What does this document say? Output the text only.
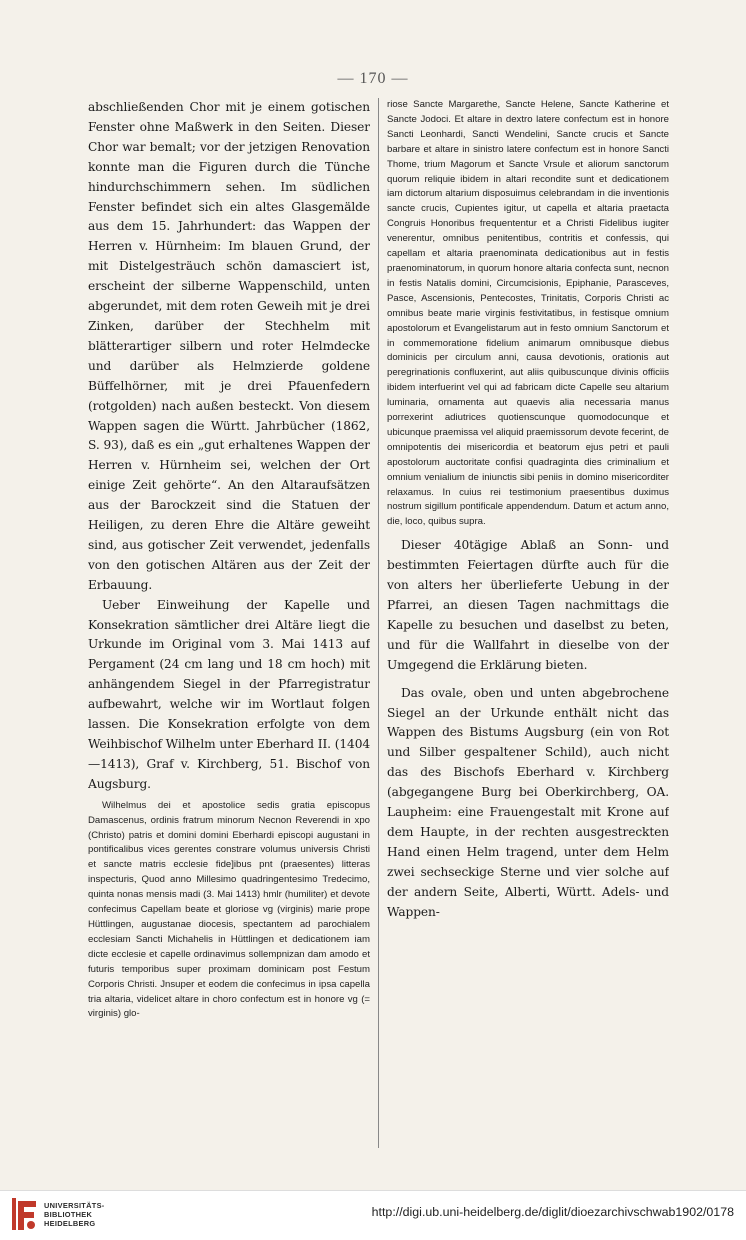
— 170 —

abschließenden Chor mit je einem gotischen Fenster ohne Maßwerk in den Seiten. Dieser Chor war bemalt; vor der jetzigen Renovation konnte man die Figuren durch die Tünche hindurchschimmern sehen. Im südlichen Fenster befindet sich ein altes Glasgemälde aus dem 15. Jahrhundert: das Wappen der Herren v. Hürnheim: Im blauen Grund, der mit Distelgesträuch schön damasciert ist, erscheint der silberne Wappenschild, unten abgerundet, mit dem roten Geweih mit je drei Zinken, darüber der Stechhelm mit blätterartiger silbern und roter Helmdecke und darüber als Helmzierde goldene Büffelhörner, mit je drei Pfauenfedern (rotgolden) nach außen besteckt. Von diesem Wappen sagen die Württ. Jahrbücher (1862, S. 93), daß es ein „gut erhaltenes Wappen der Herren v. Hürnheim sei, welchen der Ort einige Zeit gehörte“. An den Altaraufsätzen aus der Barockzeit sind die Statuen der Heiligen, zu deren Ehre die Altäre geweiht sind, aus gotischer Zeit verwendet, jedenfalls von den gotischen Altären aus der Zeit der Erbauung.

Ueber Einweihung der Kapelle und Konsekration sämtlicher drei Altäre liegt die Urkunde im Original vom 3. Mai 1413 auf Pergament (24 cm lang und 18 cm hoch) mit anhängendem Siegel in der Pfarregistratur aufbewahrt, welche wir im Wortlaut folgen lassen. Die Konsekration erfolgte von dem Weihbischof Wilhelm unter Eberhard II. (1404—1413), Graf v. Kirchberg, 51. Bischof von Augsburg.

Wilhelmus dei et apostolice sedis gratia episcopus Damascenus, ordinis fratrum minorum Necnon Reverendi in xpo (Christo) patris et domini domini Eberhardi episcopi augustani in pontificalibus vices gerentes constrare volumus universis Christi et sancte matris ecclesie fide]ibus pnt (praesentes) litteras inspecturis, Quod anno Millesimo quadringentesimo Tredecimo, quinta nonas mensis madi (3. Mai 1413) hmlr (humiliter) et devote confecimus Capellam beate et gloriose vg (virginis) marie prope Hüttlingen, augustanae diocesis, spectantem ad parochialem ecclesiam Sancti Michahelis in Hüttlingen et dedicationem iam dicte ecclesie et capelle ordinavimus sollempnizan dam amodo et futuris temporibus super proximam dominicam post Festum Corporis Christi. Jnsuper et eodem die confecimus in ipsa capella tria altaria, videlicet altare in choro confectum est in honore vg (= virginis) glo-

riose Sancte Margarethe, Sancte Helene, Sancte Katherine et Sancte Jodoci. Et altare in dextro latere confectum est in honore Sancti Leonhardi, Sancti Wendelini, Sancte crucis et Sancte barbare et altare in sinistro latere confectum est in honore Sancti Thome, trium Magorum et Sancte Vrsule et aliorum sanctorum quorum reliquie ibidem in altari recondite sunt et dedicationem iam dictorum altarium disposuimus celebrandam in die inventionis sancte crucis, Cupientes igitur, ut capella et altaria praetacta Congruis Honoribus frequententur et a Christi Fidelibus iugiter venerentur, omnibus penitentibus, contritis et confessis, qui capellam et altaria praenominata dedicationibus aut in festis praenominatorum, in quorum honore altaria confecta sunt, necnon in festis Natalis domini, Circumcisionis, Epiphanie, Parasceves, Pasce, Ascensionis, Pentecostes, Trinitatis, Corporis Christi ac omnibus beate marie virginis festivitatibus, in festisque omnium apostolorum et Evangelistarum aut in festo omnium Sanctorum et in commemoratione fidelium animarum omnibusque diebus dominicis per circulum anni, causa devotionis, orationis aut peregrinationis confluxerint, aut aliis quibuscunque divinis officiis ibidem interfuerint vel qui ad fabricam dicte Capelle seu altarium luminaria, ornamenta aut quaevis alia necessaria manus porrexerint adiutrices quotienscunque quomodocunque et ubicunque praemissa vel aliquid praemissorum devote fecerint, de omnipotentis dei misericordia et beatorum ejus petri et pauli apostolorum auctoritate confisi quadraginta dies criminalium et omnium venialium de iniunctis sibi peniis in domino misericorditer relaxamus. In cuius rei testimonium praesentibus duximus nostrum sigillum pontificale appendendum. Datum et actum anno, die, loco, quibus supra.

Dieser 40tägige Ablaß an Sonn- und bestimmten Feiertagen dürfte auch für die von alters her überlieferte Uebung in der Pfarrei, an diesen Tagen nachmittags die Kapelle zu besuchen und daselbst zu beten, und für die Wallfahrt in dieselbe von der Umgegend die Erklärung bieten.

Das ovale, oben und unten abgebrochene Siegel an der Urkunde enthält nicht das Wappen des Bistums Augsburg (ein von Rot und Silber gespaltener Schild), auch nicht das des Bischofs Eberhard v. Kirchberg (abgegangene Burg bei Oberkirchberg, OA. Laupheim: eine Frauengestalt mit Krone auf dem Haupte, in der rechten ausgestreckten Hand einen Helm tragend, unter dem Helm zwei sechseckige Sterne und vier solche auf der andern Seite, Alberti, Württ. Adels- und Wappen-

UNIVERSITÄTS-
BIBLIOTHEK
HEIDELBERG
http://digi.ub.uni-heidelberg.de/diglit/dioezarchivschwab1902/0178
